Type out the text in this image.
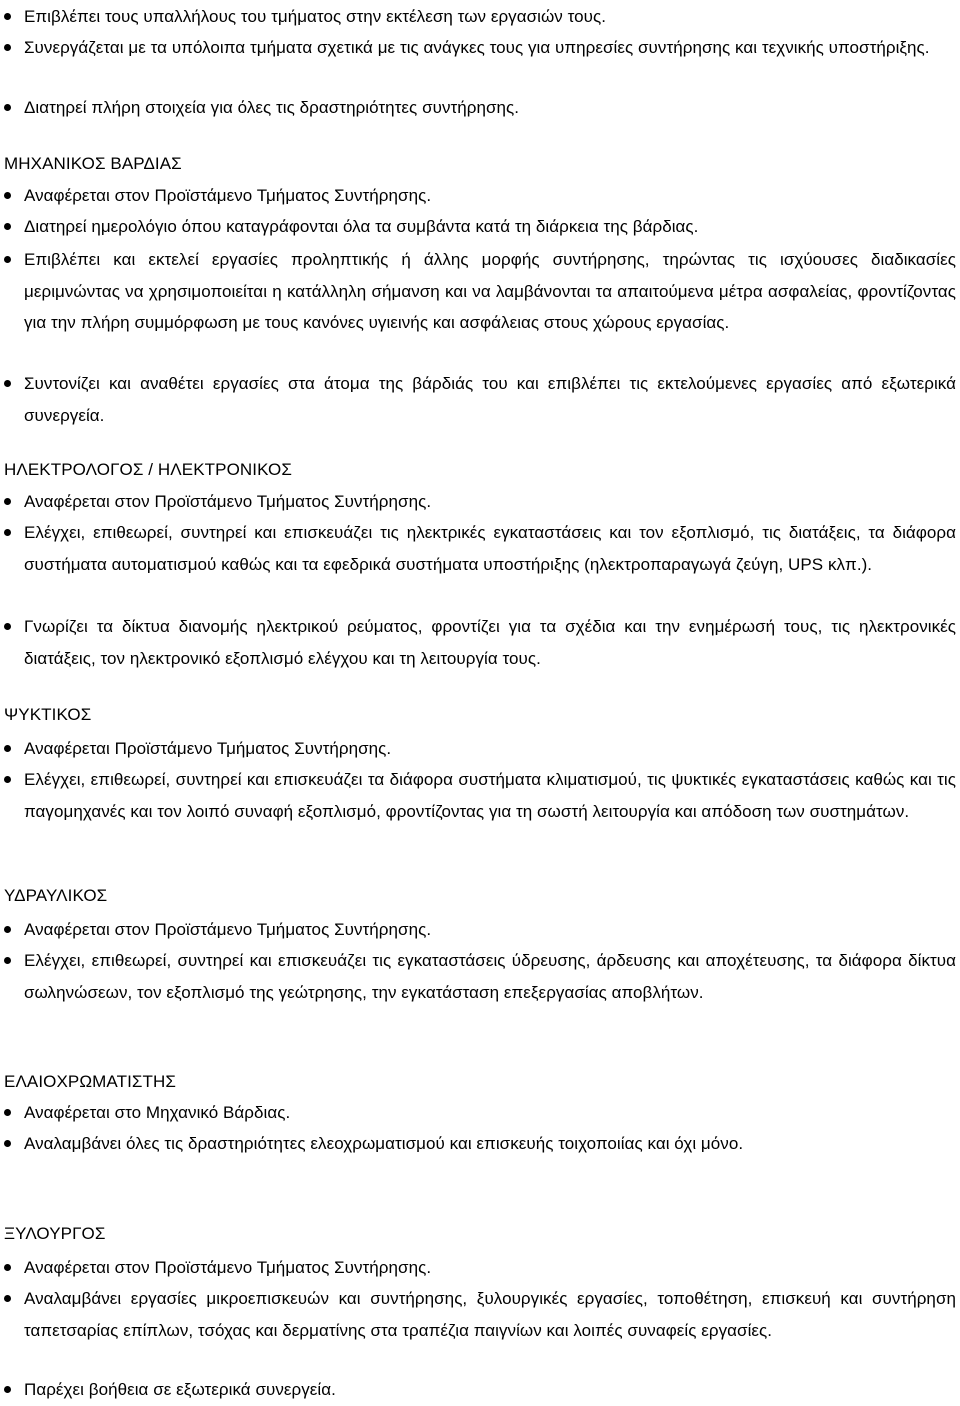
Επιβλέπει τους υπαλλήλους του τμήματος στην εκτέλεση των εργασιών τους.
Συνεργάζεται με τα υπόλοιπα τμήματα σχετικά με τις ανάγκες τους για υπηρεσίες συντήρησης και τεχνικής υποστήριξης.
Διατηρεί πλήρη στοιχεία για όλες τις δραστηριότητες συντήρησης.
ΜΗΧΑΝΙΚΟΣ ΒΑΡΔΙΑΣ
Αναφέρεται στον Προϊστάμενο Τμήματος Συντήρησης.
Διατηρεί ημερολόγιο όπου καταγράφονται όλα τα συμβάντα κατά τη διάρκεια της βάρδιας.
Επιβλέπει και εκτελεί εργασίες προληπτικής ή άλλης μορφής συντήρησης, τηρώντας τις ισχύουσες διαδικασίες μεριμνώντας να χρησιμοποιείται η κατάλληλη σήμανση και να λαμβάνονται τα απαιτούμενα μέτρα ασφαλείας, φροντίζοντας για την πλήρη συμμόρφωση με τους κανόνες υγιεινής και ασφάλειας στους χώρους εργασίας.
Συντονίζει και αναθέτει εργασίες στα άτομα της βάρδιάς του και επιβλέπει τις εκτελούμενες εργασίες από εξωτερικά συνεργεία.
ΗΛΕΚΤΡΟΛΟΓΟΣ / ΗΛΕΚΤΡΟΝΙΚΟΣ
Αναφέρεται στον Προϊστάμενο Τμήματος Συντήρησης.
Ελέγχει, επιθεωρεί, συντηρεί και επισκευάζει τις ηλεκτρικές εγκαταστάσεις και τον εξοπλισμό, τις διατάξεις, τα διάφορα συστήματα αυτοματισμού καθώς και τα εφεδρικά συστήματα υποστήριξης (ηλεκτροπαραγωγά ζεύγη, UPS κλπ.).
Γνωρίζει τα δίκτυα διανομής ηλεκτρικού ρεύματος, φροντίζει για τα σχέδια και την ενημέρωσή τους, τις ηλεκτρονικές διατάξεις, τον ηλεκτρονικό εξοπλισμό ελέγχου και τη λειτουργία τους.
ΨΥΚΤΙΚΟΣ
Αναφέρεται Προϊστάμενο Τμήματος Συντήρησης.
Ελέγχει, επιθεωρεί, συντηρεί και επισκευάζει τα διάφορα συστήματα κλιματισμού, τις ψυκτικές εγκαταστάσεις καθώς και τις παγομηχανές και τον λοιπό συναφή εξοπλισμό, φροντίζοντας για τη σωστή λειτουργία και απόδοση των συστημάτων.
ΥΔΡΑΥΛΙΚΟΣ
Αναφέρεται στον Προϊστάμενο Τμήματος Συντήρησης.
Ελέγχει, επιθεωρεί, συντηρεί και επισκευάζει τις εγκαταστάσεις ύδρευσης, άρδευσης και αποχέτευσης, τα διάφορα δίκτυα σωληνώσεων, τον εξοπλισμό της γεώτρησης, την εγκατάσταση επεξεργασίας αποβλήτων.
ΕΛΑΙΟΧΡΩΜΑΤΙΣΤΗΣ
Αναφέρεται στο Μηχανικό Βάρδιας.
Αναλαμβάνει όλες τις δραστηριότητες ελεοχρωματισμού και επισκευής τοιχοποιίας και όχι μόνο.
ΞΥΛΟΥΡΓΟΣ
Αναφέρεται στον Προϊστάμενο Τμήματος Συντήρησης.
Αναλαμβάνει εργασίες μικροεπισκευών και συντήρησης, ξυλουργικές εργασίες, τοποθέτηση, επισκευή και συντήρηση ταπετσαρίας επίπλων, τσόχας και δερματίνης στα τραπέζια παιγνίων και λοιπές συναφείς εργασίες.
Παρέχει βοήθεια σε εξωτερικά συνεργεία.
